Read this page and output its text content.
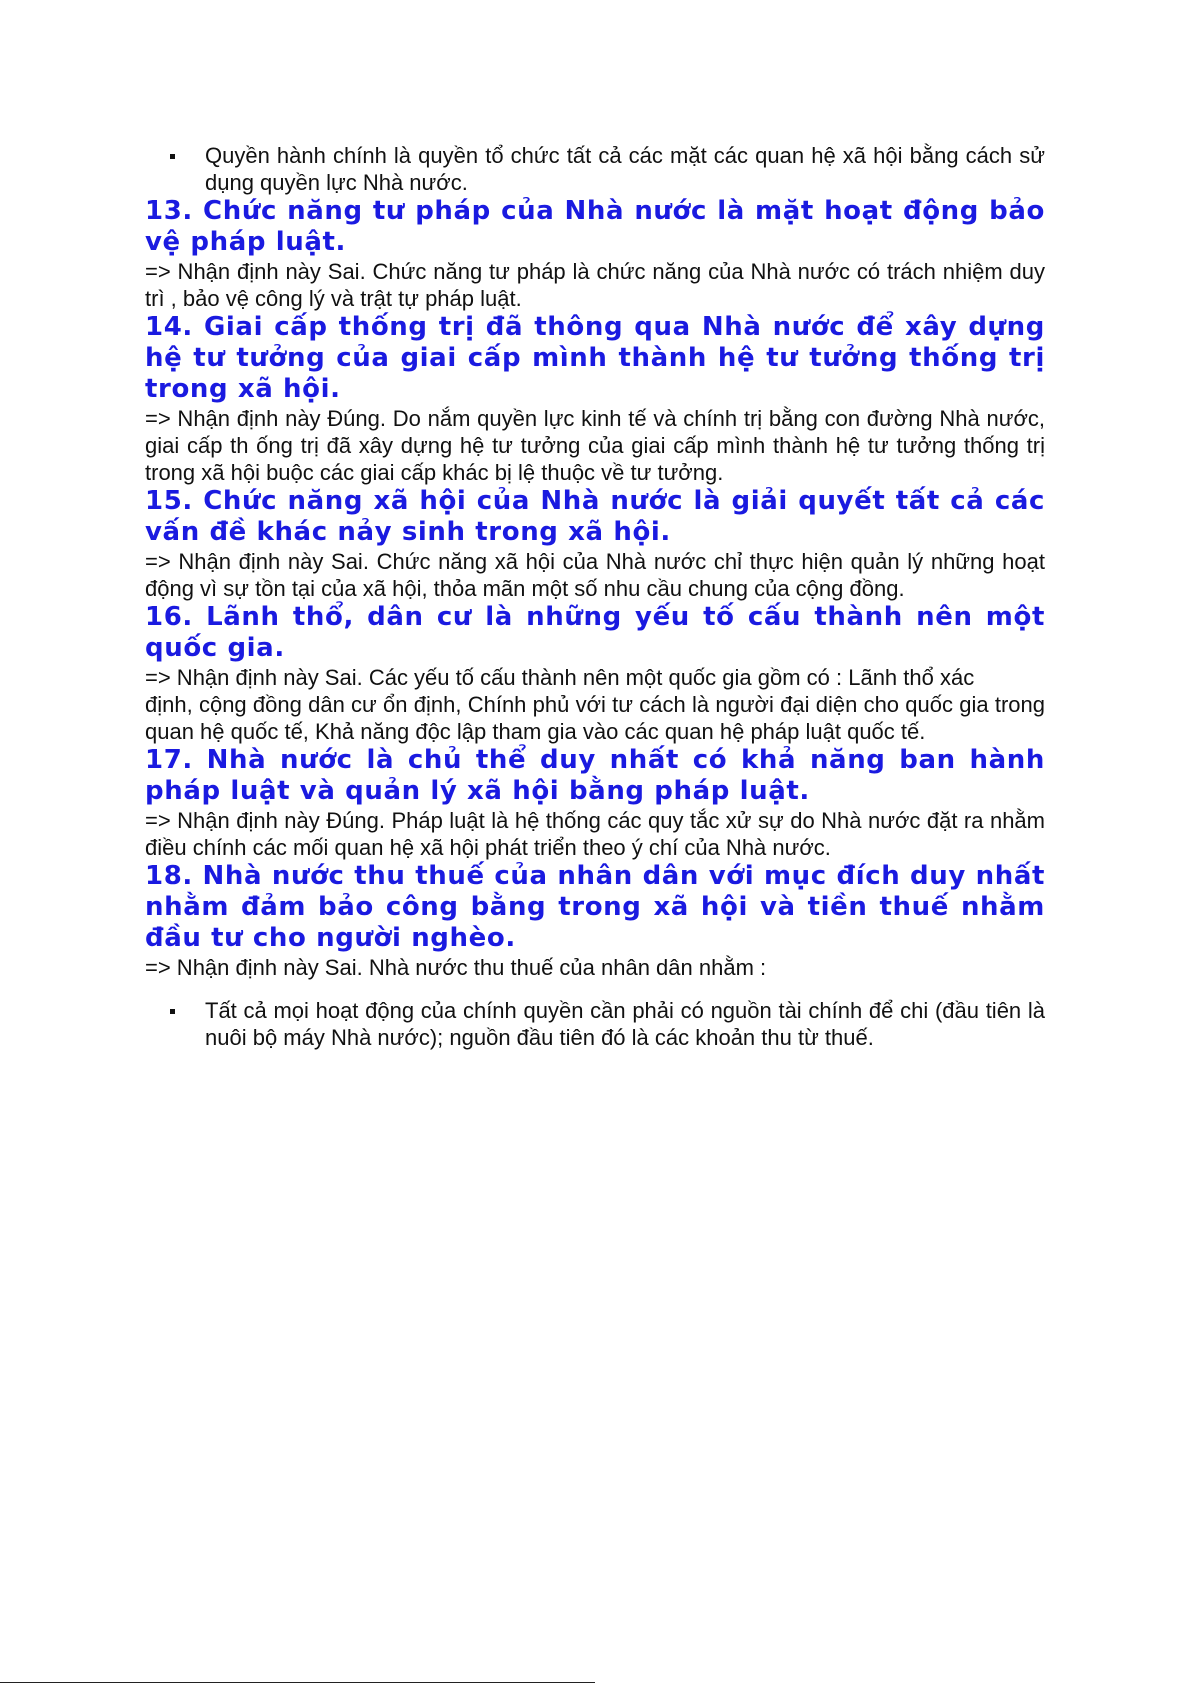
Quyền hành chính là quyền tổ chức tất cả các mặt các quan hệ xã hội bằng cách sử dụng quyền lực Nhà nước.
13. Chức năng tư pháp của Nhà nước là mặt hoạt động bảo vệ pháp luật.

=> Nhận định này Sai. Chức năng tư pháp là chức năng của Nhà nước có trách nhiệm duy trì , bảo vệ công lý và trật tự pháp luật.

14. Giai cấp thống trị đã thông qua Nhà nước để xây dựng hệ tư tưởng của giai cấp mình thành hệ tư tưởng thống trị trong xã hội.

=> Nhận định này Đúng. Do nắm quyền lực kinh tế và chính trị bằng con đường Nhà nước, giai cấp th ống trị đã xây dựng hệ tư tưởng của giai cấp mình thành hệ tư tưởng thống trị trong xã hội buộc các giai cấp khác bị lệ thuộc về tư tưởng.

15. Chức năng xã hội của Nhà nước là giải quyết tất cả các vấn đề khác nảy sinh trong xã hội.

=> Nhận định này Sai. Chức năng xã hội của Nhà nước chỉ thực hiện quản lý những hoạt động vì sự tồn tại của xã hội, thỏa mãn một số nhu cầu chung của cộng đồng.

16. Lãnh thổ, dân cư là những yếu tố cấu thành nên một quốc gia.

=> Nhận định này Sai. Các yếu tố cấu thành nên một quốc gia gồm có : Lãnh thổ xác

định, cộng đồng dân cư ổn định, Chính phủ với tư cách là người đại diện cho quốc gia trong quan hệ quốc tế, Khả năng độc lập tham gia vào các quan hệ pháp luật quốc tế.

17. Nhà nước là chủ thể duy nhất có khả năng ban hành pháp luật và quản lý xã hội bằng pháp luật.

=> Nhận định này Đúng. Pháp luật là hệ thống các quy tắc xử sự do Nhà nước đặt ra nhằm điều chính các mối quan hệ xã hội phát triển theo ý chí của Nhà nước.

18. Nhà nước thu thuế của nhân dân với mục đích duy nhất nhằm đảm bảo công bằng trong xã hội và tiền thuế nhằm đầu tư cho người nghèo.

=> Nhận định này Sai. Nhà nước thu thuế của nhân dân nhằm :

Tất cả mọi hoạt động của chính quyền cần phải có nguồn tài chính để chi (đầu tiên là nuôi bộ máy Nhà nước); nguồn đầu tiên đó là các khoản thu từ thuế.
